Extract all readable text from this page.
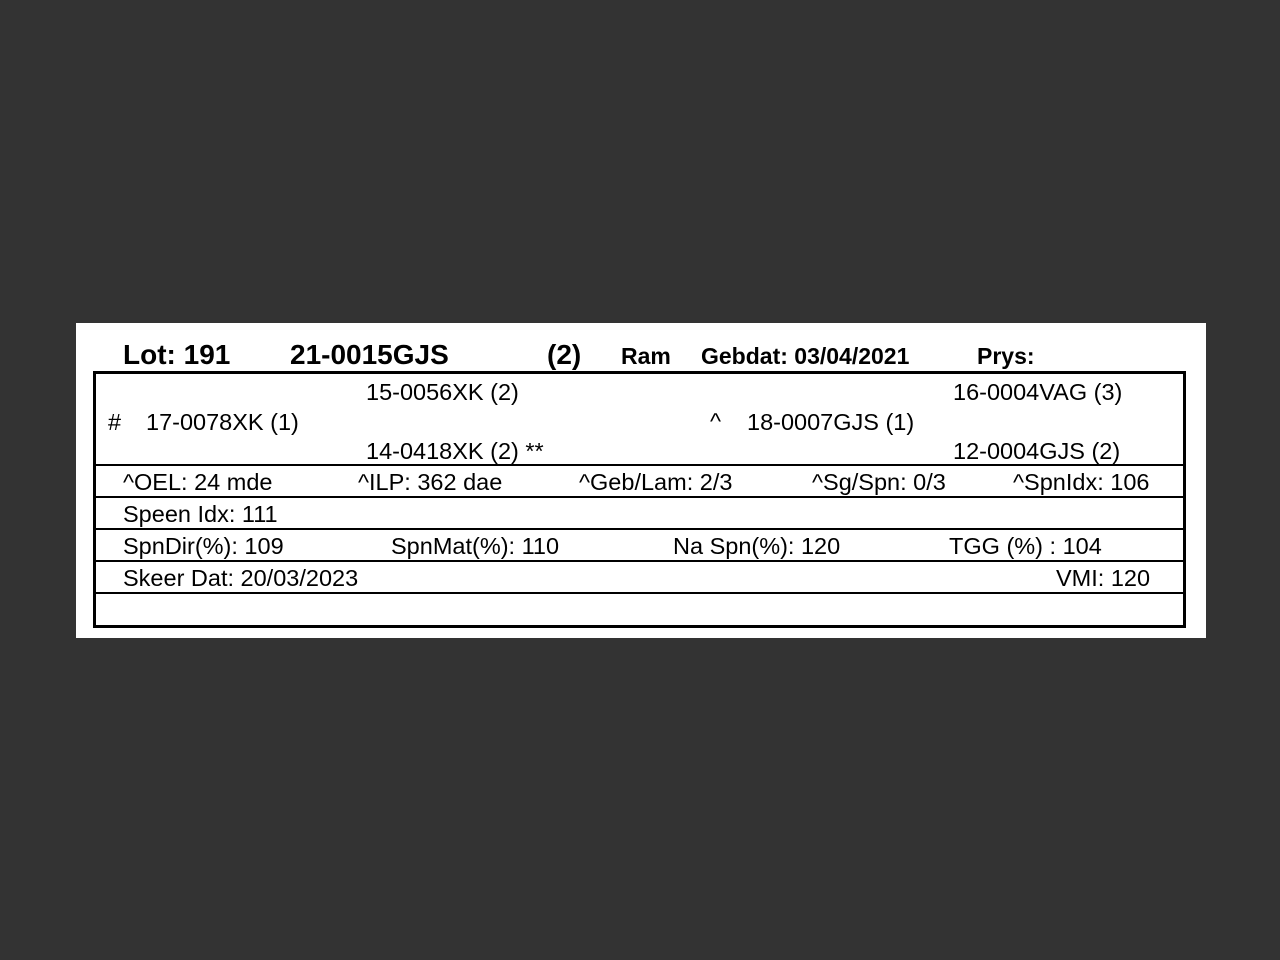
Lot: 191 21-0015GJS	(2) Ram Gebdat: 03/04/2021	Prys:
15-0056XK (2)	16-0004VAG (3)
# 17-0078XK (1)	^ 18-0007GJS (1)
14-0418XK (2) **	12-0004GJS (2)
^OEL: 24 mde	^ILP: 362 dae	^Geb/Lam: 2/3	^Sg/Spn: 0/3	^SpnIdx: 106
Speen Idx: 111
SpnDir(%): 109	SpnMat(%): 110	Na Spn(%): 120	TGG (%) : 104
Skeer Dat: 20/03/2023	VMI: 120
